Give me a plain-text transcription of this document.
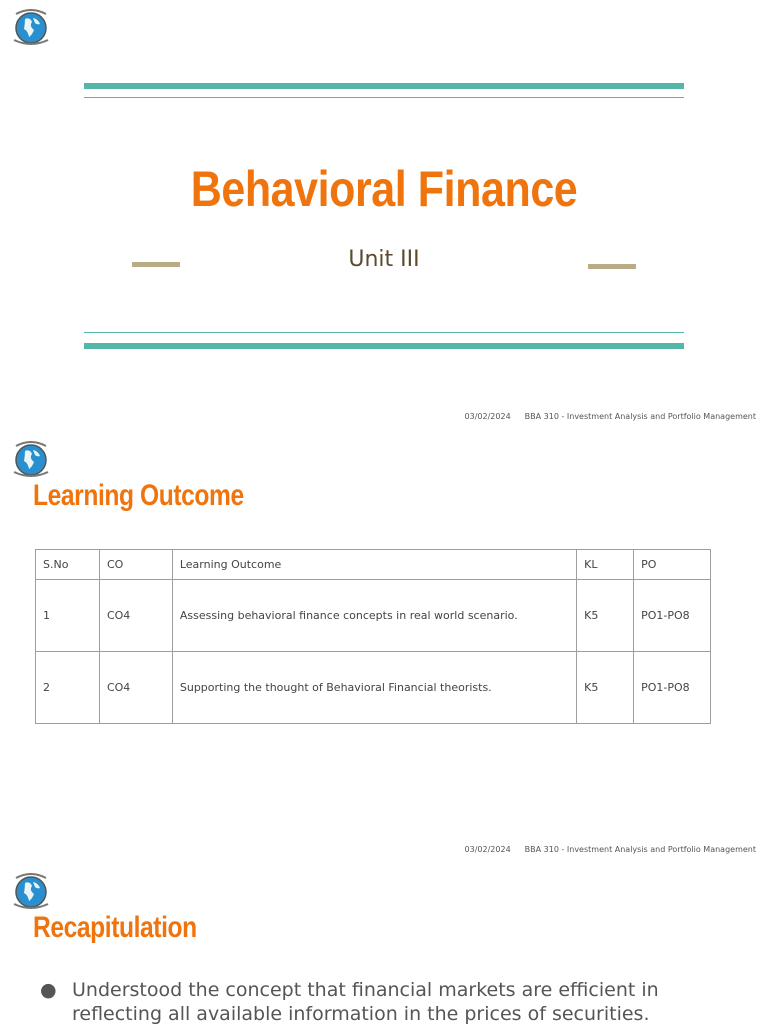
Behavioral Finance
Unit III
03/02/2024 BBA 310 - Investment Analysis and Portfolio Management
Learning Outcome
S.No	CO	Learning Outcome	KL	PO
1	CO4	Assessing behavioral finance concepts in real world scenario.	K5	PO1-PO8
2	CO4	Supporting the thought of Behavioral Financial theorists.	K5	PO1-PO8
03/02/2024 BBA 310 - Investment Analysis and Portfolio Management
Recapitulation
● Understood the concept that financial markets are efficient in reflecting all available information in the prices of securities.
